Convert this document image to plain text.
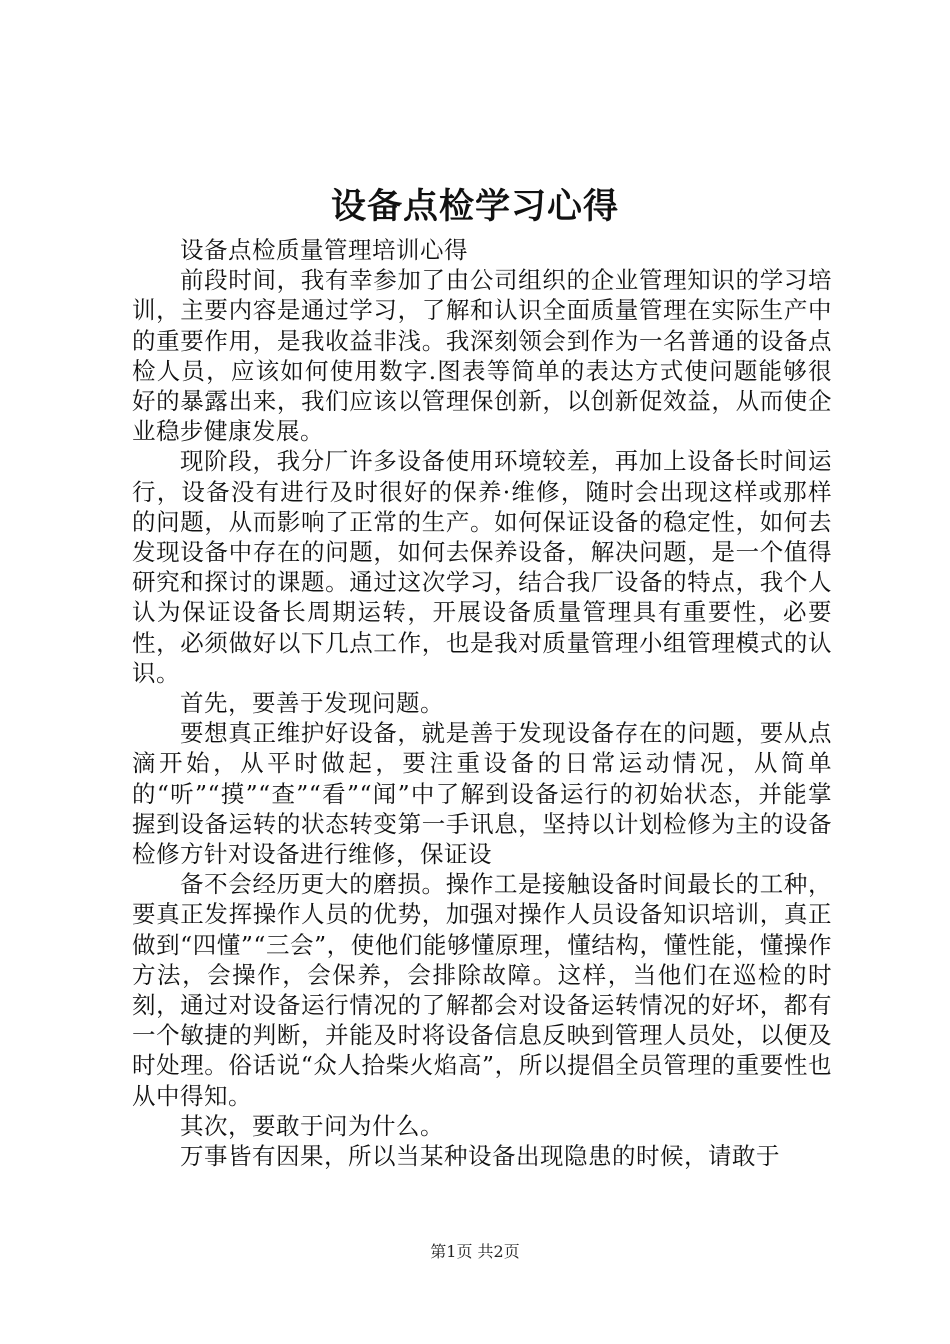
设备点检学习心得

设备点检质量管理培训心得

前段时间，我有幸参加了由公司组织的企业管理知识的学习培训，主要内容是通过学习，了解和认识全面质量管理在实际生产中的重要作用，是我收益非浅。我深刻领会到作为一名普通的设备点检人员，应该如何使用数字.图表等简单的表达方式使问题能够很好的暴露出来，我们应该以管理保创新，以创新促效益，从而使企业稳步健康发展。

现阶段，我分厂许多设备使用环境较差，再加上设备长时间运行，设备没有进行及时很好的保养·维修，随时会出现这样或那样的问题，从而影响了正常的生产。如何保证设备的稳定性，如何去发现设备中存在的问题，如何去保养设备，解决问题，是一个值得研究和探讨的课题。通过这次学习，结合我厂设备的特点，我个人认为保证设备长周期运转，开展设备质量管理具有重要性，必要性，必须做好以下几点工作，也是我对质量管理小组管理模式的认识。

首先，要善于发现问题。

要想真正维护好设备，就是善于发现设备存在的问题，要从点滴开始，从平时做起，要注重设备的日常运动情况，从简单的“听”“摸”“查”“看”“闻”中了解到设备运行的初始状态，并能掌握到设备运转的状态转变第一手讯息，坚持以计划检修为主的设备检修方针对设备进行维修，保证设

备不会经历更大的磨损。操作工是接触设备时间最长的工种，要真正发挥操作人员的优势，加强对操作人员设备知识培训，真正做到“四懂”“三会”，使他们能够懂原理，懂结构，懂性能，懂操作方法，会操作，会保养，会排除故障。这样，当他们在巡检的时刻，通过对设备运行情况的了解都会对设备运转情况的好坏，都有一个敏捷的判断，并能及时将设备信息反映到管理人员处，以便及时处理。俗话说“众人拾柴火焰高”，所以提倡全员管理的重要性也从中得知。

其次，要敢于问为什么。

万事皆有因果，所以当某种设备出现隐患的时候，请敢于

第1页 共2页
